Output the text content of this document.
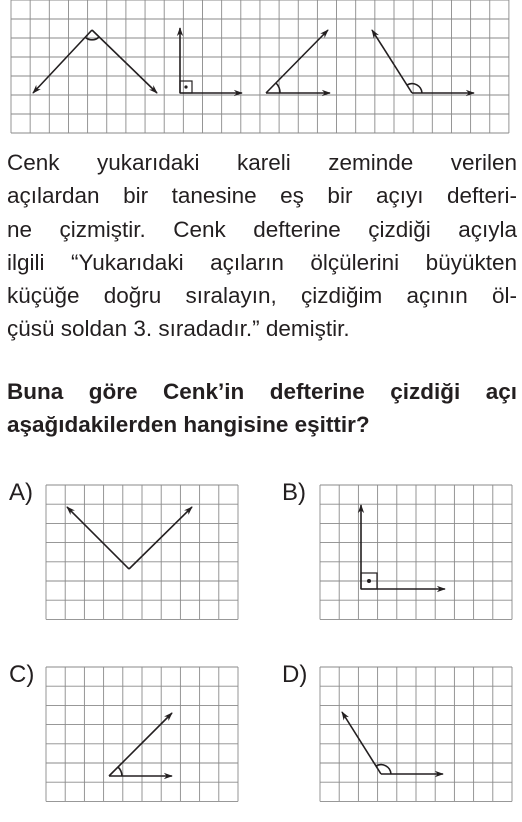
Cenk yukarıdaki kareli zeminde verilen
açılardan bir tanesine eş bir açıyı defteri-
ne çizmiştir. Cenk defterine çizdiği açıyla
ilgili “Yukarıdaki açıların ölçülerini büyükten
küçüğe doğru sıralayın, çizdiğim açının öl-
çüsü soldan 3. sıradadır.” demiştir.

Buna göre Cenk’in defterine çizdiği açı
aşağıdakilerden hangisine eşittir?

A)	B)
C)	D)
